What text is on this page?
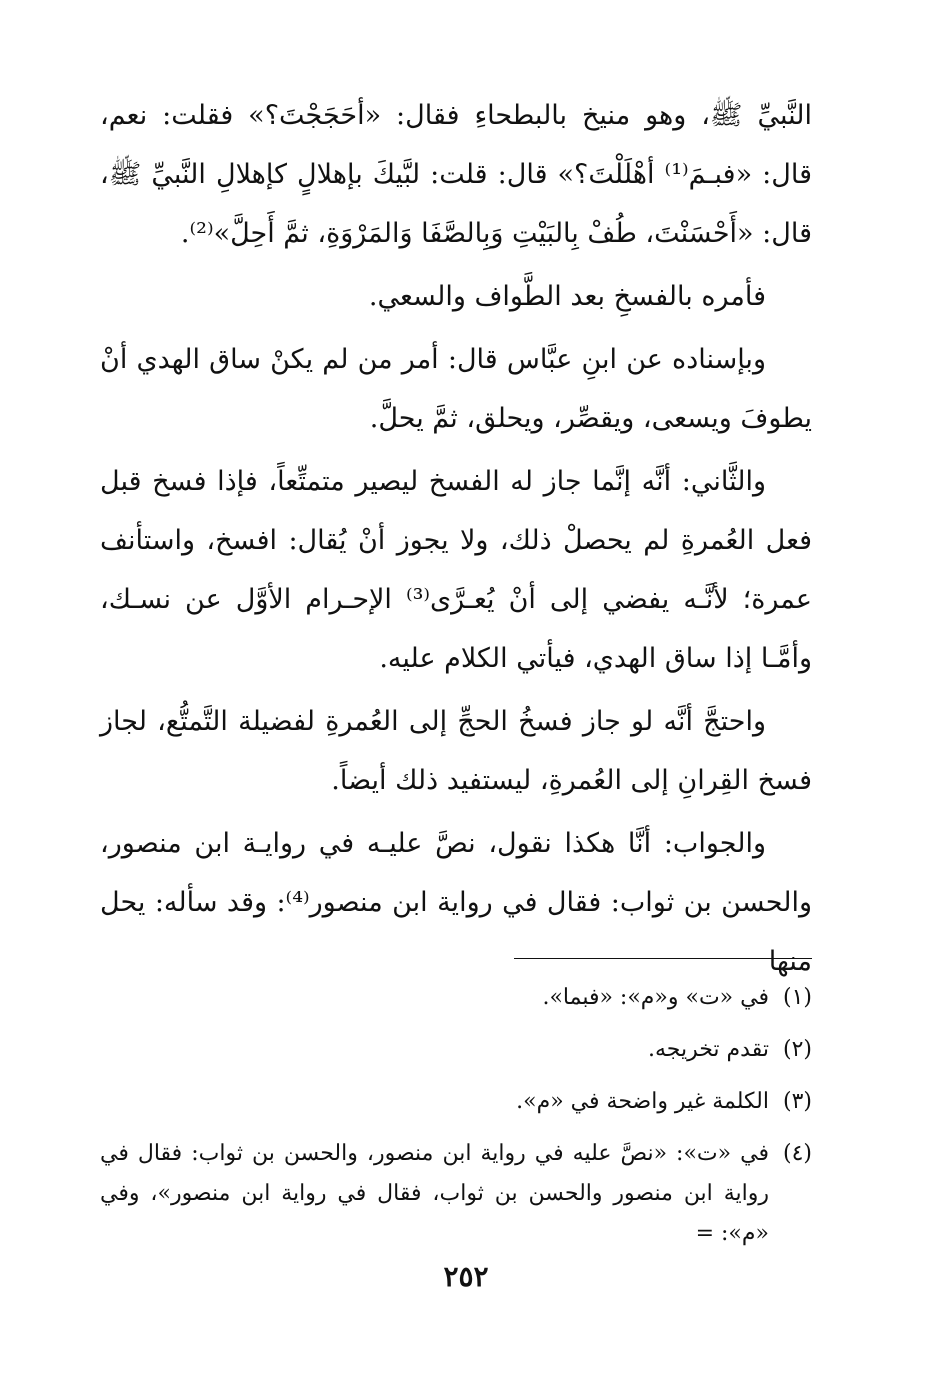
النَّبيِّ ﷺ، وهو منيخ بالبطحاءِ فقال: «أحَجَجْتَ؟» فقلت: نعم، قال: «فبـمَ⁽¹⁾ أهْلَلْتَ؟» قال: قلت: لبَّيكَ بإهلالٍ كإهلالِ النَّبيِّ ﷺ، قال: «أَحْسَنْتَ، طُفْ بِالبَيْتِ وَبِالصَّفَا وَالمَرْوَةِ، ثمَّ أَحِلَّ»⁽²⁾.

فأمره بالفسخِ بعد الطَّواف والسعي.

وبإسناده عن ابنِ عبَّاس قال: أمر من لم يكنْ ساق الهدي أنْ يطوفَ ويسعى، ويقصِّر، ويحلق، ثمَّ يحلَّ.

والثَّاني: أنَّه إنَّما جاز له الفسخ ليصير متمتِّعاً، فإذا فسخ قبل فعل العُمرةِ لم يحصلْ ذلك، ولا يجوز أنْ يُقال: افسخ، واستأنف عمرة؛ لأنَّـه يفضي إلى أنْ يُعـرَّى⁽³⁾ الإحـرام الأوَّل عن نسـك، وأمَّـا إذا ساق الهدي، فيأتي الكلام عليه.

واحتجَّ أنَّه لو جاز فسخُ الحجِّ إلى العُمرةِ لفضيلة التَّمتُّع، لجاز فسخ القِرانِ إلى العُمرةِ، ليستفيد ذلك أيضاً.

والجواب: أنَّا هكذا نقول، نصَّ عليـه في روايـة ابن منصور، والحسن بن ثواب: فقال في رواية ابن منصور⁽⁴⁾: وقد سأله: يحل منها

(١)
في «ت» و«م»: «فبما».
(٢)
تقدم تخريجه.
(٣)
الكلمة غير واضحة في «م».
(٤)
في «ت»: «نصَّ عليه في رواية ابن منصور، والحسن بن ثواب: فقال في رواية ابن منصور والحسن بن ثواب، فقال في رواية ابن منصور»، وفي «م»: =
٢٥٢
